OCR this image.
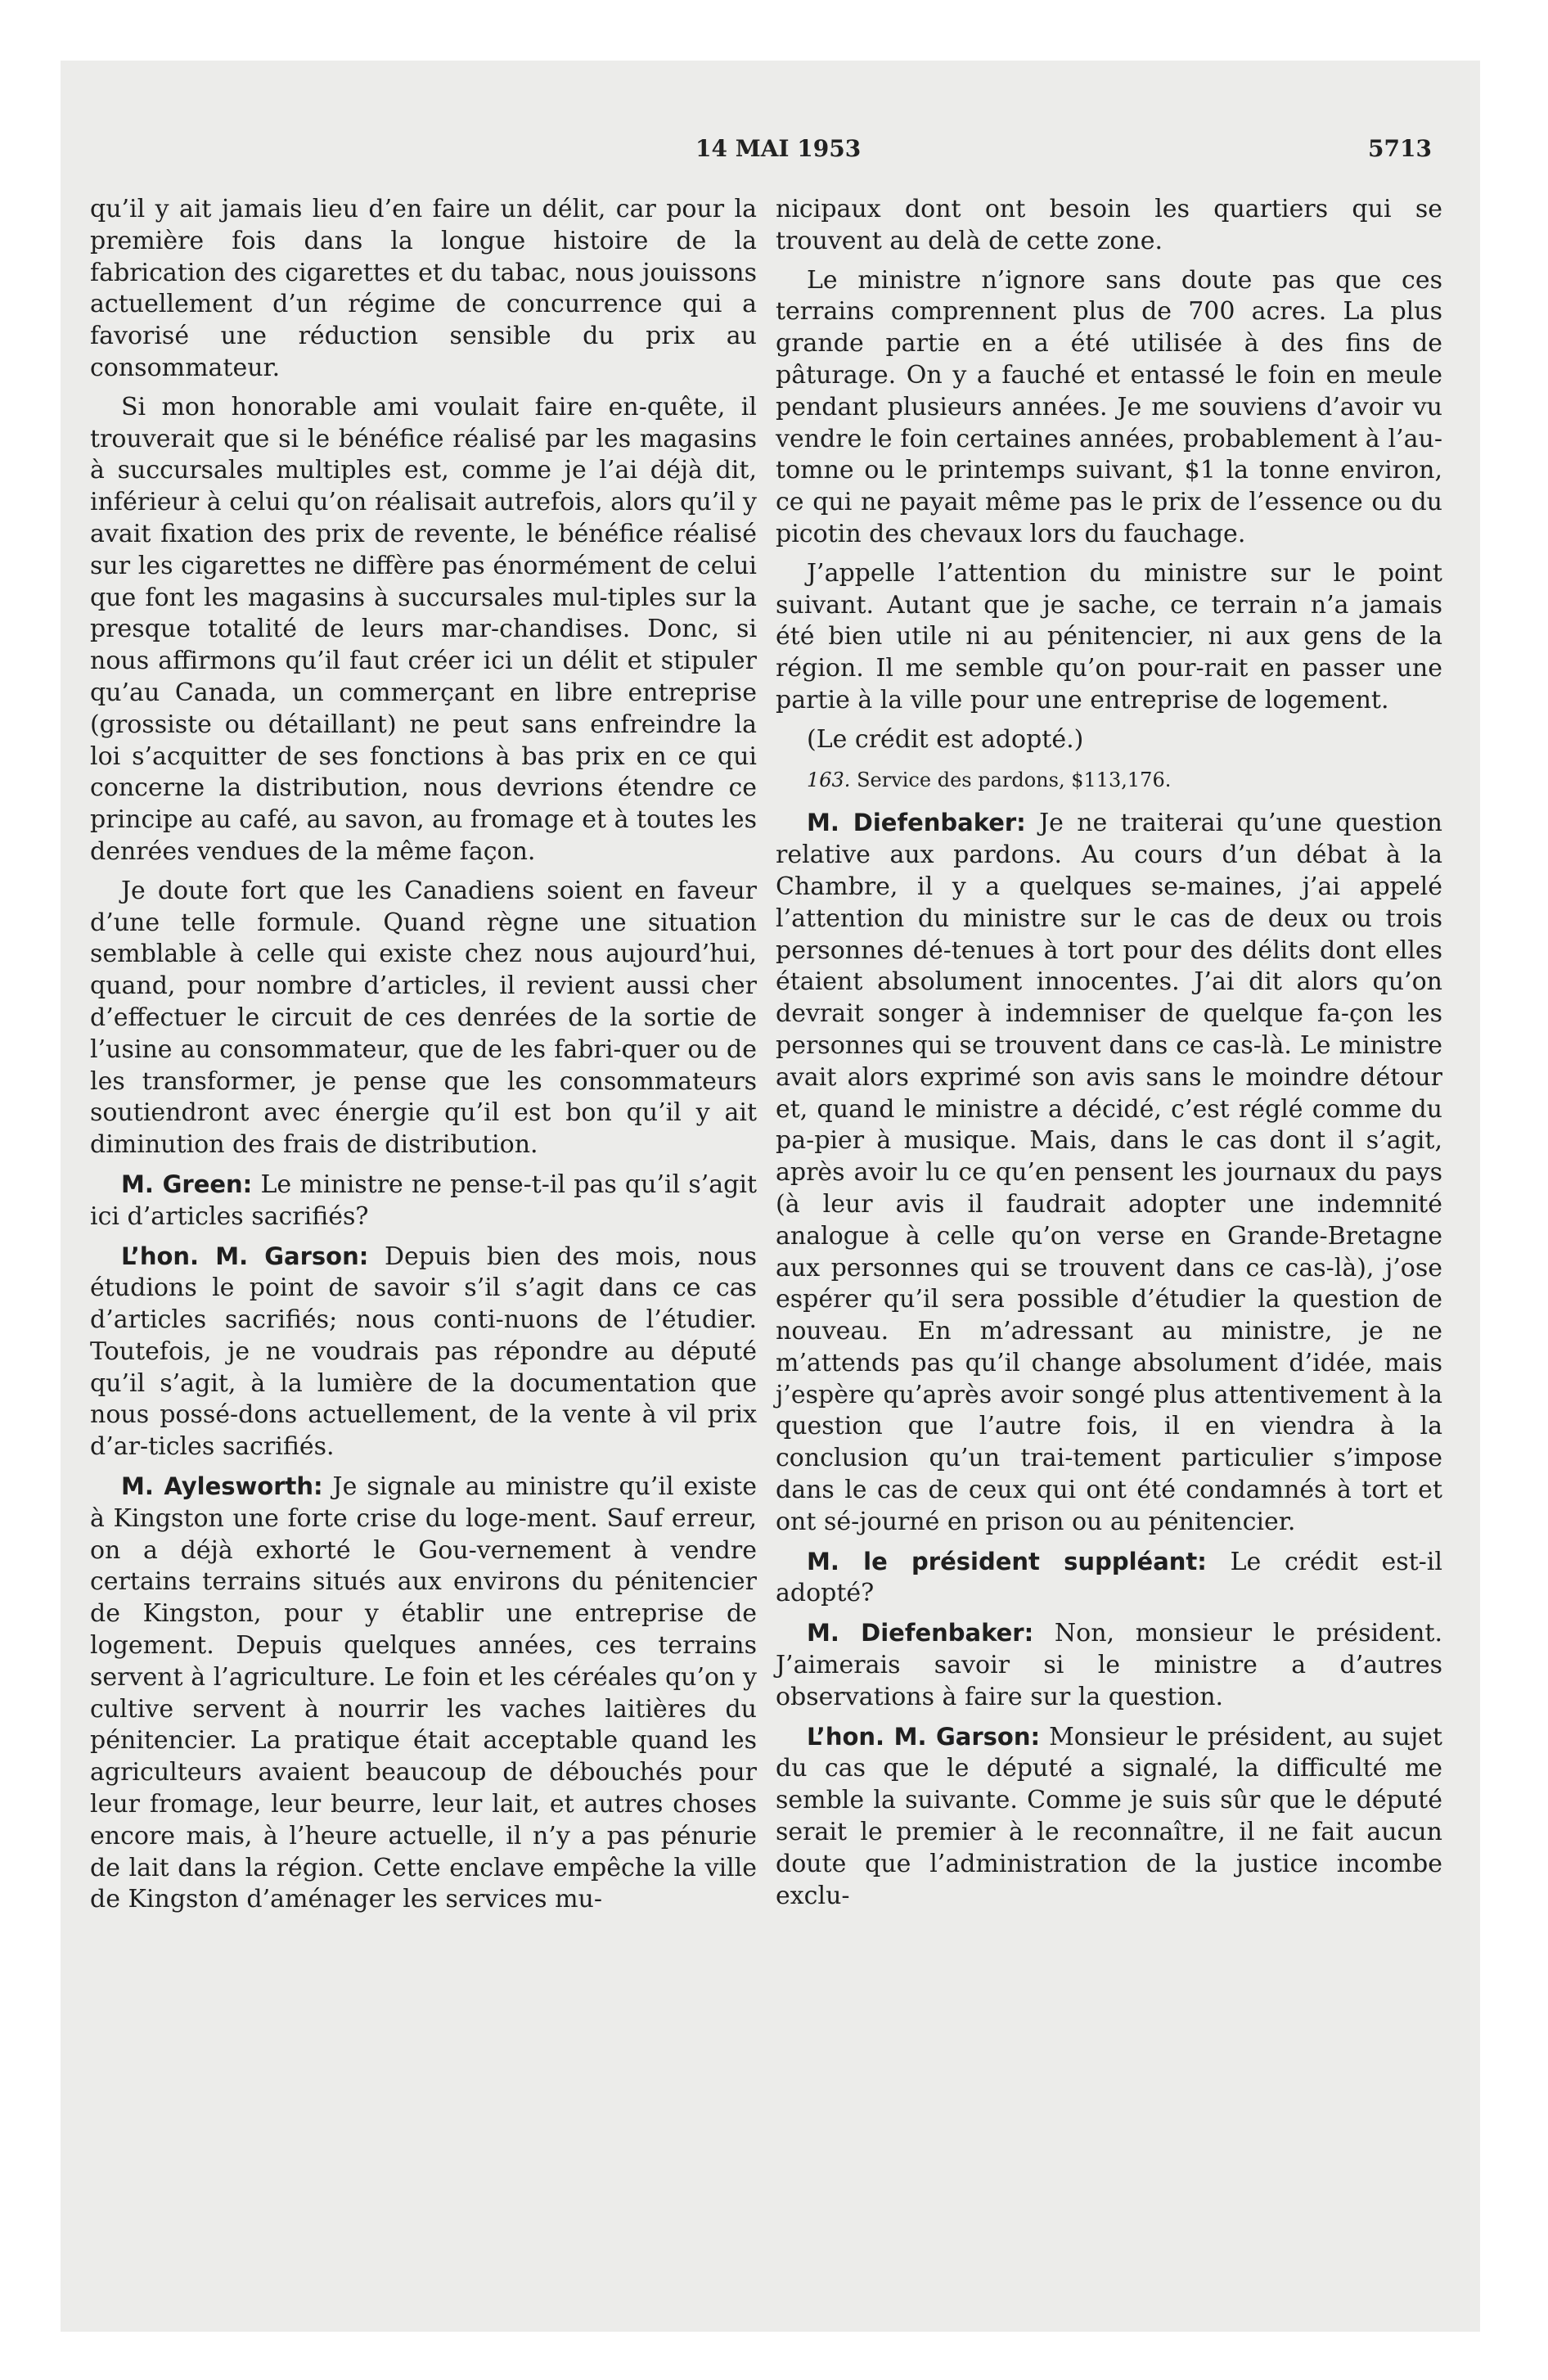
14 MAI 1953	5713

qu’il y ait jamais lieu d’en faire un délit, car pour la première fois dans la longue histoire de la fabrication des cigarettes et du tabac, nous jouissons actuellement d’un régime de concurrence qui a favorisé une réduction sensible du prix au consommateur.

Si mon honorable ami voulait faire en-quête, il trouverait que si le bénéfice réalisé par les magasins à succursales multiples est, comme je l’ai déjà dit, inférieur à celui qu’on réalisait autrefois, alors qu’il y avait fixation des prix de revente, le bénéfice réalisé sur les cigarettes ne diffère pas énormément de celui que font les magasins à succursales mul-tiples sur la presque totalité de leurs mar-chandises. Donc, si nous affirmons qu’il faut créer ici un délit et stipuler qu’au Canada, un commerçant en libre entreprise (grossiste ou détaillant) ne peut sans enfreindre la loi s’acquitter de ses fonctions à bas prix en ce qui concerne la distribution, nous devrions étendre ce principe au café, au savon, au fromage et à toutes les denrées vendues de la même façon.

Je doute fort que les Canadiens soient en faveur d’une telle formule. Quand règne une situation semblable à celle qui existe chez nous aujourd’hui, quand, pour nombre d’articles, il revient aussi cher d’effectuer le circuit de ces denrées de la sortie de l’usine au consommateur, que de les fabri-quer ou de les transformer, je pense que les consommateurs soutiendront avec énergie qu’il est bon qu’il y ait diminution des frais de distribution.

M. Green: Le ministre ne pense-t-il pas qu’il s’agit ici d’articles sacrifiés?

L’hon. M. Garson: Depuis bien des mois, nous étudions le point de savoir s’il s’agit dans ce cas d’articles sacrifiés; nous conti-nuons de l’étudier. Toutefois, je ne voudrais pas répondre au député qu’il s’agit, à la lumière de la documentation que nous possé-dons actuellement, de la vente à vil prix d’ar-ticles sacrifiés.

M. Aylesworth: Je signale au ministre qu’il existe à Kingston une forte crise du loge-ment. Sauf erreur, on a déjà exhorté le Gou-vernement à vendre certains terrains situés aux environs du pénitencier de Kingston, pour y établir une entreprise de logement. Depuis quelques années, ces terrains servent à l’agriculture. Le foin et les céréales qu’on y cultive servent à nourrir les vaches laitières du pénitencier. La pratique était acceptable quand les agriculteurs avaient beaucoup de débouchés pour leur fromage, leur beurre, leur lait, et autres choses encore mais, à l’heure actuelle, il n’y a pas pénurie de lait dans la région. Cette enclave empêche la ville de Kingston d’aménager les services mu-

nicipaux dont ont besoin les quartiers qui se trouvent au delà de cette zone.

Le ministre n’ignore sans doute pas que ces terrains comprennent plus de 700 acres. La plus grande partie en a été utilisée à des fins de pâturage. On y a fauché et entassé le foin en meule pendant plusieurs années. Je me souviens d’avoir vu vendre le foin certaines années, probablement à l’au-tomne ou le printemps suivant, $1 la tonne environ, ce qui ne payait même pas le prix de l’essence ou du picotin des chevaux lors du fauchage.

J’appelle l’attention du ministre sur le point suivant. Autant que je sache, ce terrain n’a jamais été bien utile ni au pénitencier, ni aux gens de la région. Il me semble qu’on pour-rait en passer une partie à la ville pour une entreprise de logement.

(Le crédit est adopté.)

163. Service des pardons, $113,176.

M. Diefenbaker: Je ne traiterai qu’une question relative aux pardons. Au cours d’un débat à la Chambre, il y a quelques se-maines, j’ai appelé l’attention du ministre sur le cas de deux ou trois personnes dé-tenues à tort pour des délits dont elles étaient absolument innocentes. J’ai dit alors qu’on devrait songer à indemniser de quelque fa-çon les personnes qui se trouvent dans ce cas-là. Le ministre avait alors exprimé son avis sans le moindre détour et, quand le ministre a décidé, c’est réglé comme du pa-pier à musique. Mais, dans le cas dont il s’agit, après avoir lu ce qu’en pensent les journaux du pays (à leur avis il faudrait adopter une indemnité analogue à celle qu’on verse en Grande-Bretagne aux personnes qui se trouvent dans ce cas-là), j’ose espérer qu’il sera possible d’étudier la question de nouveau. En m’adressant au ministre, je ne m’attends pas qu’il change absolument d’idée, mais j’espère qu’après avoir songé plus attentivement à la question que l’autre fois, il en viendra à la conclusion qu’un trai-tement particulier s’impose dans le cas de ceux qui ont été condamnés à tort et ont sé-journé en prison ou au pénitencier.

M. le président suppléant: Le crédit est-il adopté?

M. Diefenbaker: Non, monsieur le président. J’aimerais savoir si le ministre a d’autres observations à faire sur la question.

L’hon. M. Garson: Monsieur le président, au sujet du cas que le député a signalé, la difficulté me semble la suivante. Comme je suis sûr que le député serait le premier à le reconnaître, il ne fait aucun doute que l’administration de la justice incombe exclu-
